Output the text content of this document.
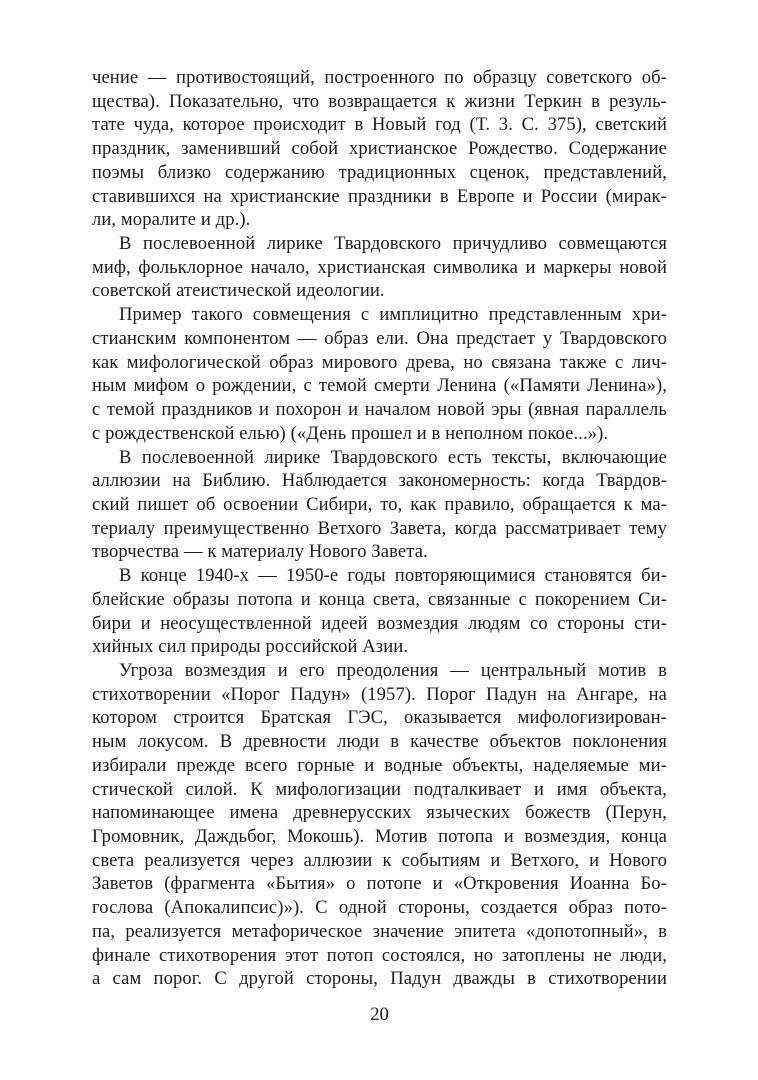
чение — противостоящий, построенного по образцу советского об-
щества). Показательно, что возвращается к жизни Теркин в резуль-
тате чуда, которое происходит в Новый год (Т. 3. С. 375), светский
праздник, заменивший собой христианское Рождество. Содержание
поэмы близко содержанию традиционных сценок, представлений,
ставившихся на христианские праздники в Европе и России (мирак-
ли, моралите и др.).
В послевоенной лирике Твардовского причудливо совмещаются
миф, фольклорное начало, христианская символика и маркеры новой
советской атеистической идеологии.
Пример такого совмещения с имплицитно представленным хри-
стианским компонентом — образ ели. Она предстает у Твардовского
как мифологической образ мирового древа, но связана также с лич-
ным мифом о рождении, с темой смерти Ленина («Памяти Ленина»),
с темой праздников и похорон и началом новой эры (явная параллель
с рождественской елью) («День прошел и в неполном покое...»).
В послевоенной лирике Твардовского есть тексты, включающие
аллюзии на Библию. Наблюдается закономерность: когда Твардов-
ский пишет об освоении Сибири, то, как правило, обращается к ма-
териалу преимущественно Ветхого Завета, когда рассматривает тему
творчества — к материалу Нового Завета.
В конце 1940-х — 1950-е годы повторяющимися становятся би-
блейские образы потопа и конца света, связанные с покорением Си-
бири и неосуществленной идеей возмездия людям со стороны сти-
хийных сил природы российской Азии.
Угроза возмездия и его преодоления — центральный мотив в
стихотворении «Порог Падун» (1957). Порог Падун на Ангаре, на
котором строится Братская ГЭС, оказывается мифологизирован-
ным локусом. В древности люди в качестве объектов поклонения
избирали прежде всего горные и водные объекты, наделяемые ми-
стической силой. К мифологизации подталкивает и имя объекта,
напоминающее имена древнерусских языческих божеств (Перун,
Громовник, Даждьбог, Мокошь). Мотив потопа и возмездия, конца
света реализуется через аллюзии к событиям и Ветхого, и Нового
Заветов (фрагмента «Бытия» о потопе и «Откровения Иоанна Бо-
гослова (Апокалипсис)»). С одной стороны, создается образ пото-
па, реализуется метафорическое значение эпитета «допотопный», в
финале стихотворения этот потоп состоялся, но затоплены не люди,
а сам порог. С другой стороны, Падун дважды в стихотворении
20
